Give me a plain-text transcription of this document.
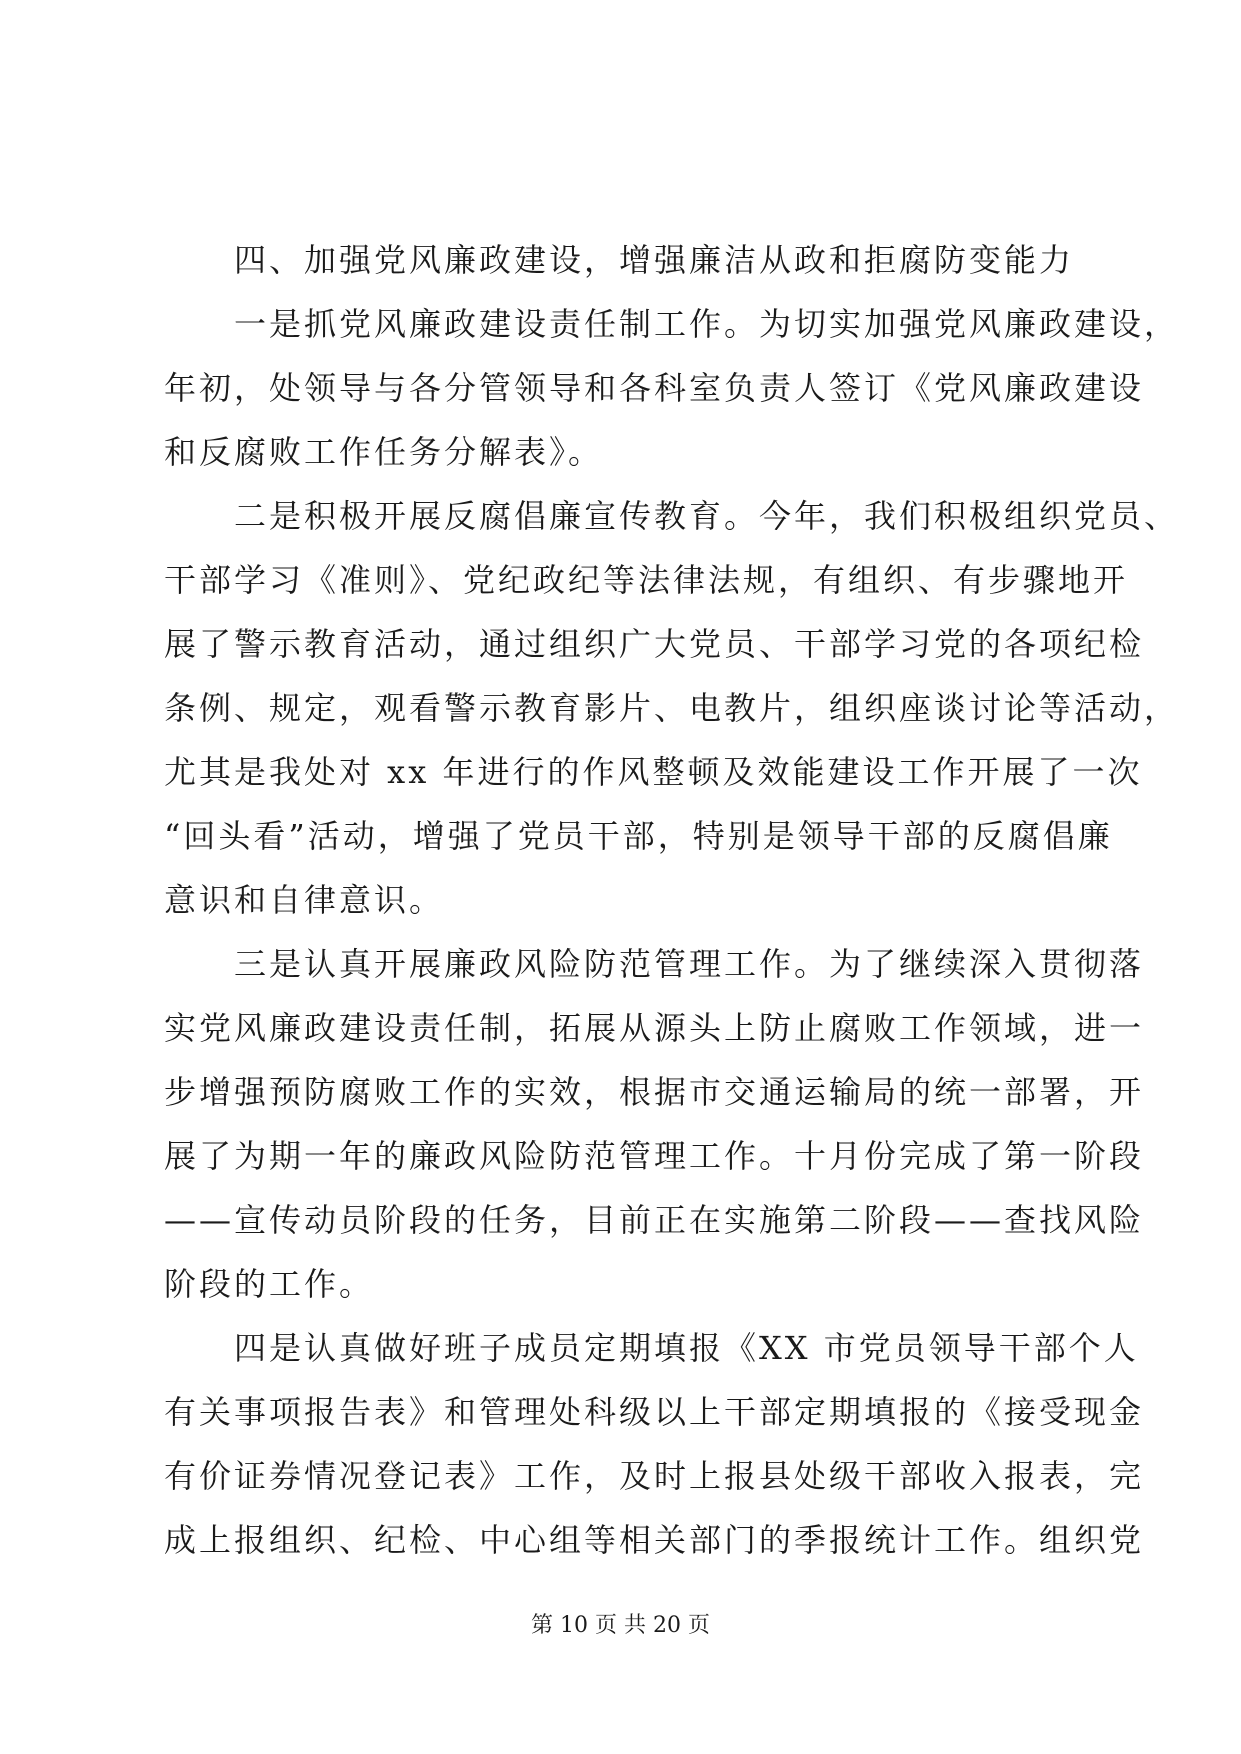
四、加强党风廉政建设，增强廉洁从政和拒腐防变能力
一是抓党风廉政建设责任制工作。为切实加强党风廉政建设，
年初，处领导与各分管领导和各科室负责人签订《党风廉政建设
和反腐败工作任务分解表》。
二是积极开展反腐倡廉宣传教育。今年，我们积极组织党员、
干部学习《准则》、党纪政纪等法律法规，有组织、有步骤地开
展了警示教育活动，通过组织广大党员、干部学习党的各项纪检
条例、规定，观看警示教育影片、电教片，组织座谈讨论等活动，
尤其是我处对 xx 年进行的作风整顿及效能建设工作开展了一次
“回头看”活动，增强了党员干部，特别是领导干部的反腐倡廉
意识和自律意识。
三是认真开展廉政风险防范管理工作。为了继续深入贯彻落
实党风廉政建设责任制，拓展从源头上防止腐败工作领域，进一
步增强预防腐败工作的实效，根据市交通运输局的统一部署，开
展了为期一年的廉政风险防范管理工作。十月份完成了第一阶段
——宣传动员阶段的任务，目前正在实施第二阶段——查找风险
阶段的工作。
四是认真做好班子成员定期填报《XX 市党员领导干部个人
有关事项报告表》和管理处科级以上干部定期填报的《接受现金
有价证券情况登记表》工作，及时上报县处级干部收入报表，完
成上报组织、纪检、中心组等相关部门的季报统计工作。组织党
第 10 页 共 20 页
